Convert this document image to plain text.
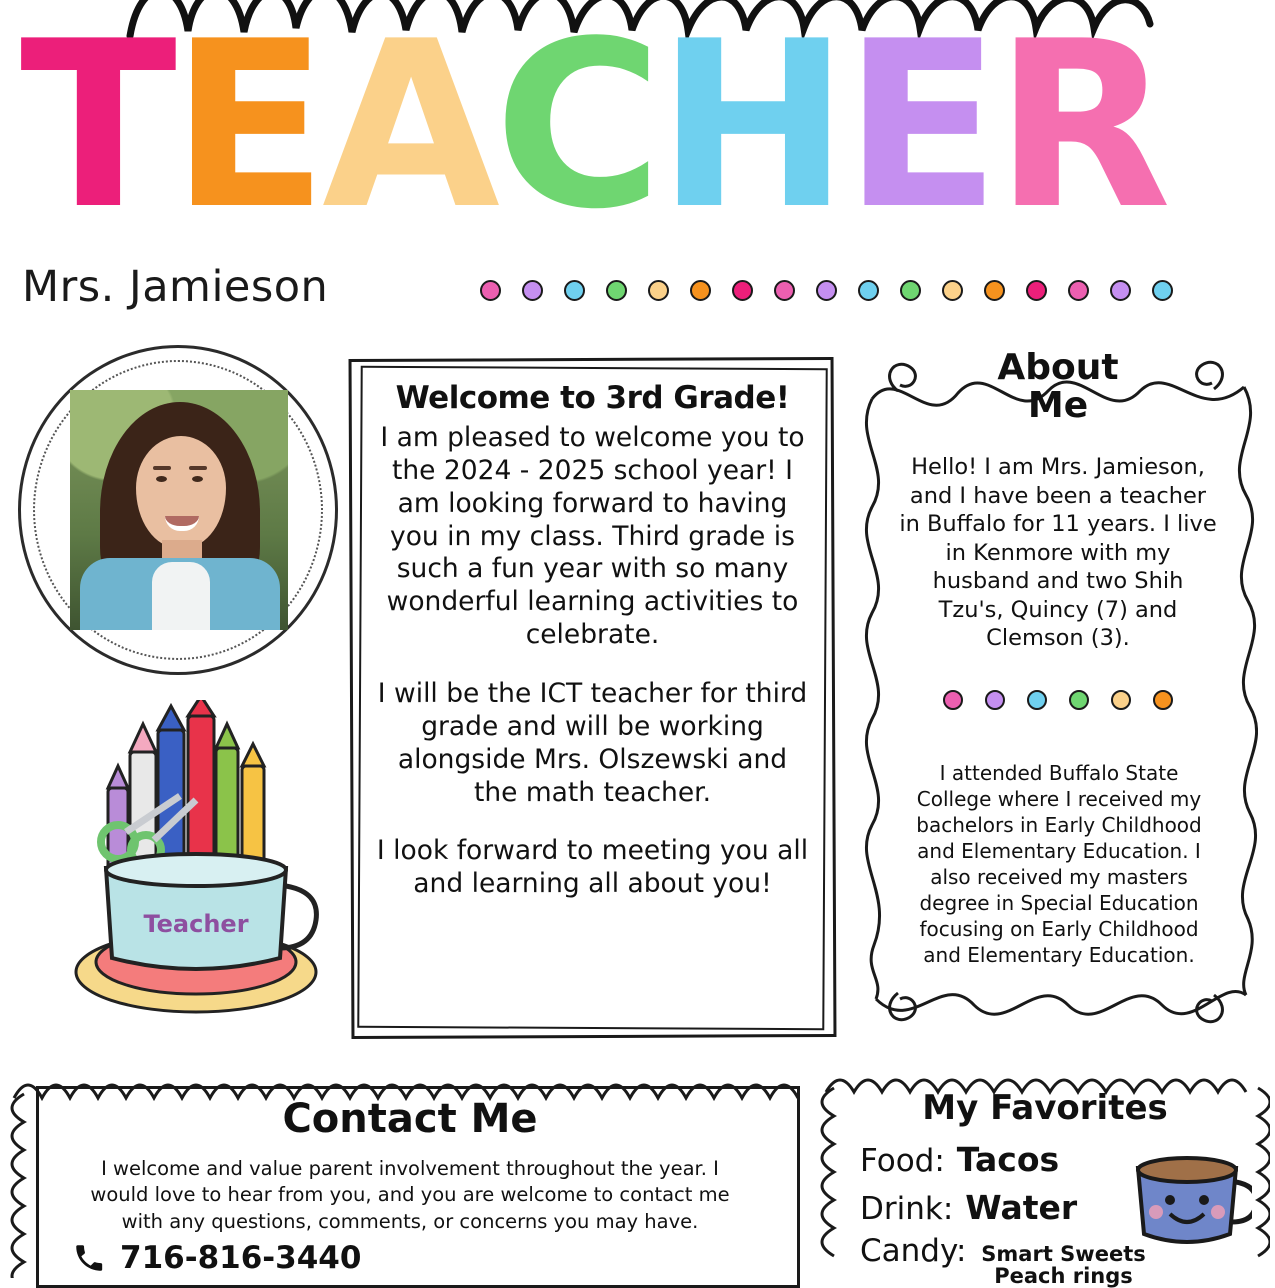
T E A C H E R
Mrs. Jamieson
Teacher
Welcome to 3rd Grade!

I am pleased to welcome you to the 2024 - 2025 school year! I am looking forward to having you in my class. Third grade is such a fun year with so many wonderful learning activities to celebrate.

I will be the ICT teacher for third grade and will be working alongside Mrs. Olszewski and the math teacher.

I look forward to meeting you all and learning all about you!

About
Me
Hello! I am Mrs. Jamieson, and I have been a teacher in Buffalo for 11 years. I live in Kenmore with my husband and two Shih Tzu's, Quincy (7) and Clemson (3).
I attended Buffalo State College where I received my bachelors in Early Childhood and Elementary Education. I also received my masters degree in Special Education focusing on Early Childhood and Elementary Education.
Contact Me
I welcome and value parent involvement throughout the year. I would love to hear from you, and you are welcome to contact me with any questions, comments, or concerns you may have.
716-816-3440
My Favorites
Food: Tacos
Drink: Water
Candy: Smart Sweets Peach rings
